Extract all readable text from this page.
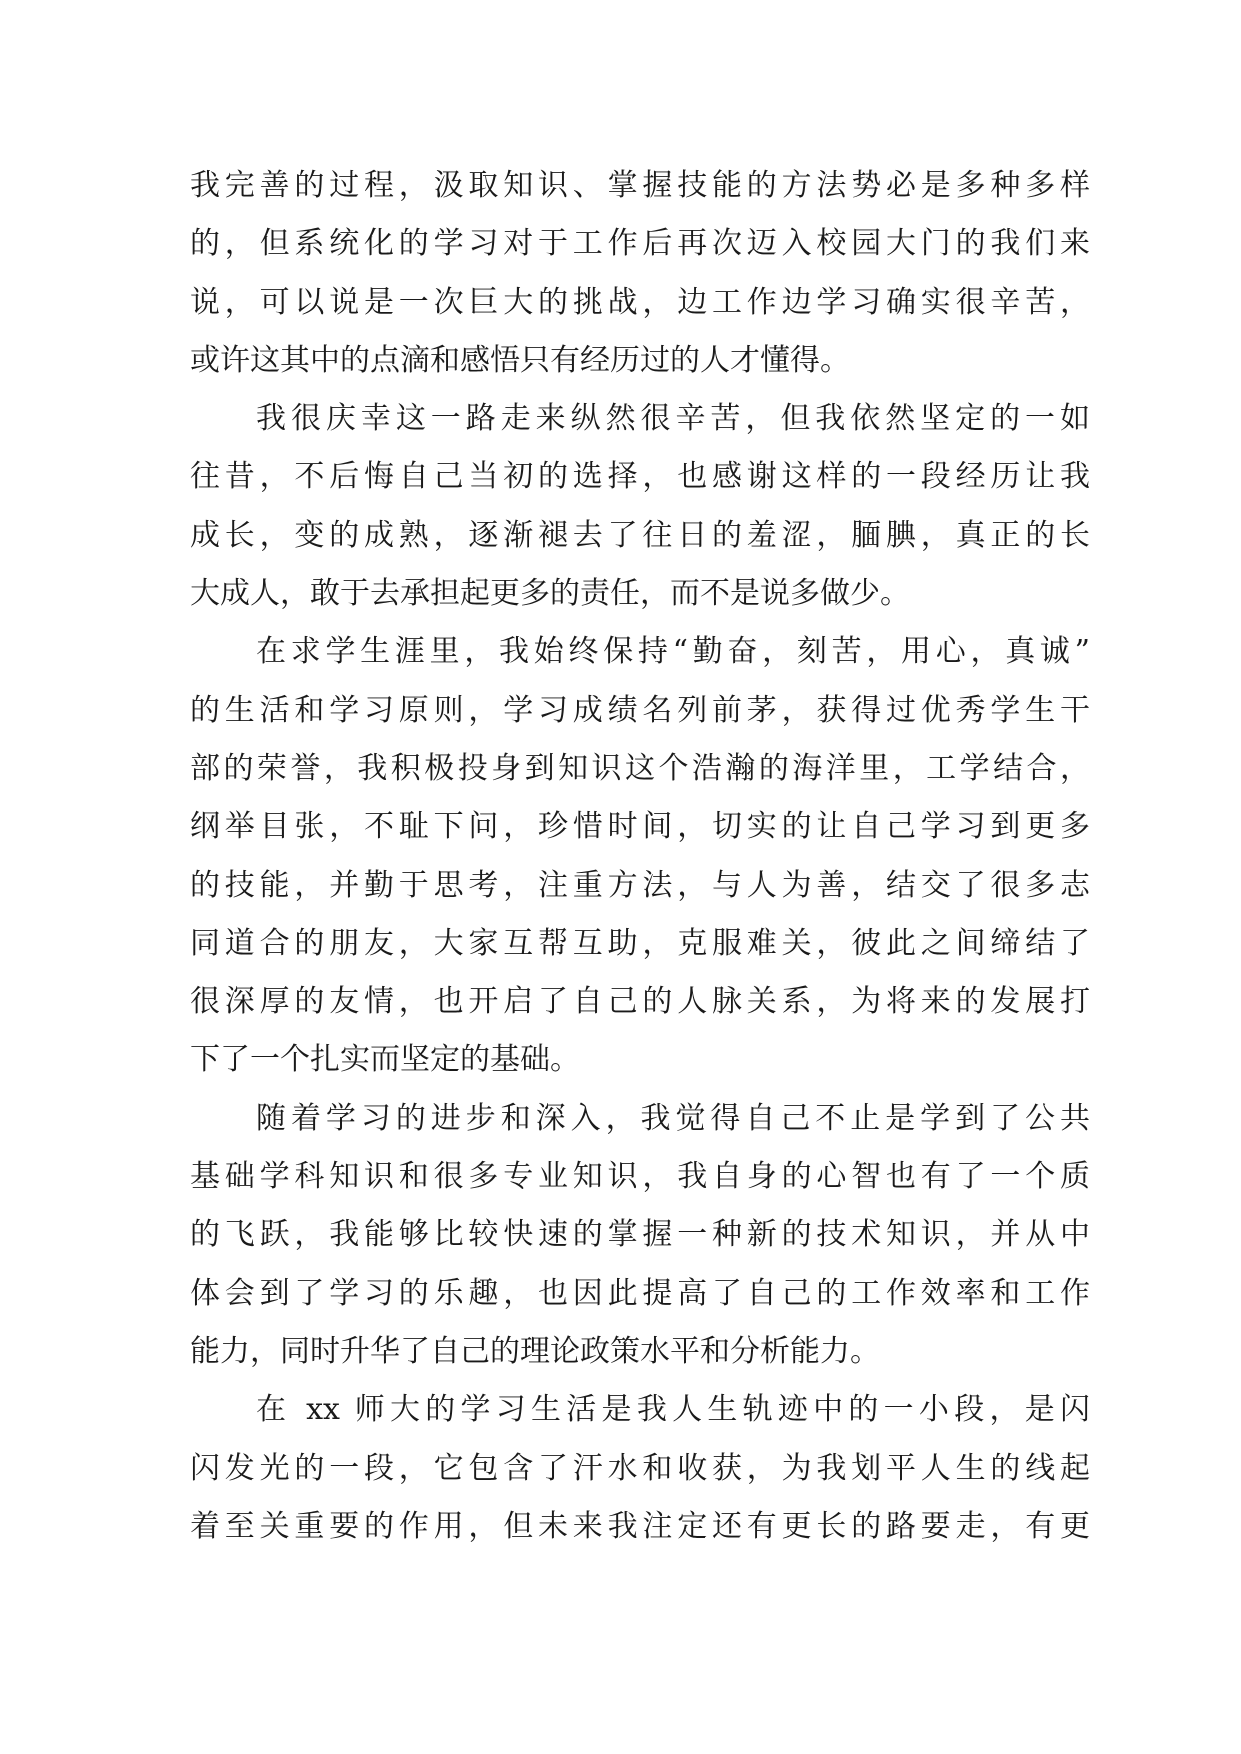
我完善的过程，汲取知识、掌握技能的方法势必是多种多样
的，但系统化的学习对于工作后再次迈入校园大门的我们来
说，可以说是一次巨大的挑战，边工作边学习确实很辛苦，
或许这其中的点滴和感悟只有经历过的人才懂得。
我很庆幸这一路走来纵然很辛苦，但我依然坚定的一如
往昔，不后悔自己当初的选择，也感谢这样的一段经历让我
成长，变的成熟，逐渐褪去了往日的羞涩，腼腆，真正的长
大成人，敢于去承担起更多的责任，而不是说多做少。
在求学生涯里，我始终保持“勤奋，刻苦，用心，真诚”
的生活和学习原则，学习成绩名列前茅，获得过优秀学生干
部的荣誉，我积极投身到知识这个浩瀚的海洋里，工学结合，
纲举目张，不耻下问，珍惜时间，切实的让自己学习到更多
的技能，并勤于思考，注重方法，与人为善，结交了很多志
同道合的朋友，大家互帮互助，克服难关，彼此之间缔结了
很深厚的友情，也开启了自己的人脉关系，为将来的发展打
下了一个扎实而坚定的基础。
随着学习的进步和深入，我觉得自己不止是学到了公共
基础学科知识和很多专业知识，我自身的心智也有了一个质
的飞跃，我能够比较快速的掌握一种新的技术知识，并从中
体会到了学习的乐趣，也因此提高了自己的工作效率和工作
能力，同时升华了自己的理论政策水平和分析能力。
在 xx 师大的学习生活是我人生轨迹中的一小段，是闪
闪发光的一段，它包含了汗水和收获，为我划平人生的线起
着至关重要的作用，但未来我注定还有更长的路要走，有更
